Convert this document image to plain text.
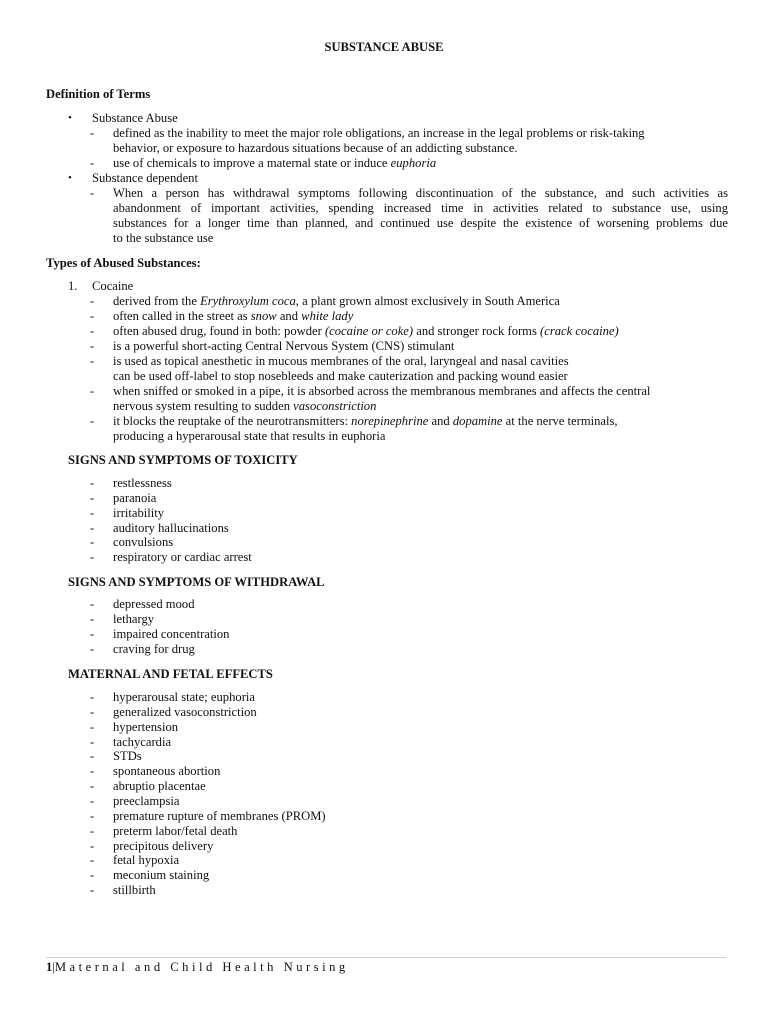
SUBSTANCE ABUSE
Definition of Terms
• Substance Abuse
- defined as the inability to meet the major role obligations, an increase in the legal problems or risk-taking
behavior, or exposure to hazardous situations because of an addicting substance.
- use of chemicals to improve a maternal state or induce euphoria
• Substance dependent
- When a person has withdrawal symptoms following discontinuation of the substance, and such activities as
abandonment of important activities, spending increased time in activities related to substance use, using
substances for a longer time than planned, and continued use despite the existence of worsening problems due
to the substance use
Types of Abused Substances:
1. Cocaine
- derived from the Erythroxylum coca, a plant grown almost exclusively in South America
- often called in the street as snow and white lady
- often abused drug, found in both: powder (cocaine or coke) and stronger rock forms (crack cocaine)
- is a powerful short-acting Central Nervous System (CNS) stimulant
- is used as topical anesthetic in mucous membranes of the oral, laryngeal and nasal cavities
can be used off-label to stop nosebleeds and make cauterization and packing wound easier
- when sniffed or smoked in a pipe, it is absorbed across the membranous membranes and affects the central
nervous system resulting to sudden vasoconstriction
- it blocks the reuptake of the neurotransmitters: norepinephrine and dopamine at the nerve terminals,
producing a hyperarousal state that results in euphoria
SIGNS AND SYMPTOMS OF TOXICITY
- restlessness
- paranoia
- irritability
- auditory hallucinations
- convulsions
- respiratory or cardiac arrest
SIGNS AND SYMPTOMS OF WITHDRAWAL
- depressed mood
- lethargy
- impaired concentration
- craving for drug
MATERNAL AND FETAL EFFECTS
- hyperarousal state; euphoria
- generalized vasoconstriction
- hypertension
- tachycardia
- STDs
- spontaneous abortion
- abruptio placentae
- preeclampsia
- premature rupture of membranes (PROM)
- preterm labor/fetal death
- precipitous delivery
- fetal hypoxia
- meconium staining
- stillbirth
1|Maternal and Child Health Nursing
